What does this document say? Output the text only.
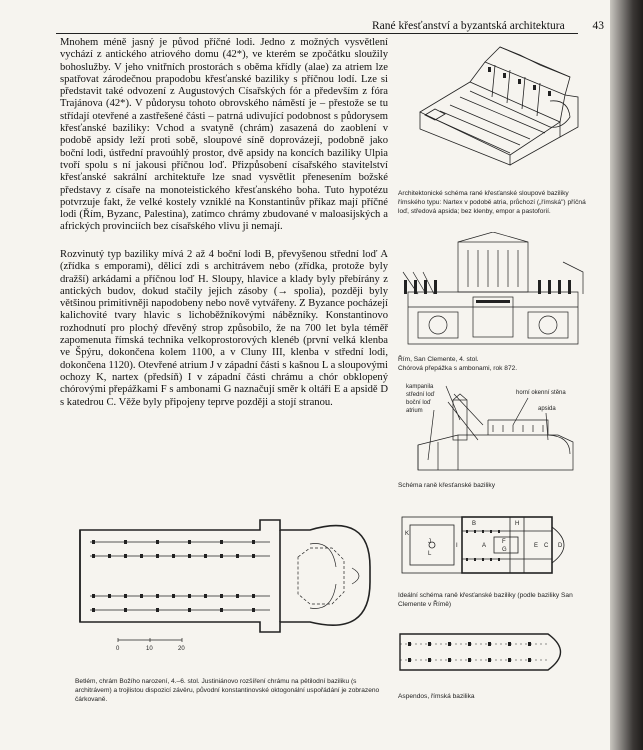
Rané křesťanství a byzantská architektura 43

Mnohem méně jasný je původ příčné lodi. Jedno z možných vysvětlení vychází z antického atriového domu (42*), ve kterém se zpočátku sloužily bohoslužby. V jeho vnitřních prostorách s oběma křídly (alae) za atriem lze spatřovat zárodečnou prapodobu křesťanské baziliky s příčnou lodí. Lze si představit také odvození z Augustových Císařských fór a především z fóra Trajánova (42*). V půdorysu tohoto obrovského náměstí je – přestože se tu střídají otevřené a zastřešené části – patrná udivující podobnost s půdorysem křesťanské baziliky: Vchod a svatyně (chrám) zasazená do zaoblení v podobě apsidy leží proti sobě, sloupové síně doprovázejí, podobně jako boční lodi, ústřední pravoúhlý prostor, dvě apsidy na koncích baziliky Ulpia tvoří spolu s ní jakousi příčnou loď. Přizpůsobení císařského stavitelství křesťanské sakrální architektuře lze snad vysvětlit přenesením božské představy z císaře na monoteistického křesťanského boha. Tuto hypotézu potvrzuje fakt, že velké kostely vzniklé na Konstantinův příkaz mají příčné lodi (Řím, Byzanc, Palestina), zatímco chrámy zbudované v maloasijských a afrických provinciích bez císařského vlivu ji nemají.

Rozvinutý typ baziliky mívá 2 až 4 boční lodi B, převyšenou střední loď A (zřídka s emporami), dělicí zdi s architrávem nebo (zřídka, protože byly dražší) arkádami a příčnou loď H. Sloupy, hlavice a klady byly přebírány z antických budov, dokud stačily jejich zásoby (→ spolia), později byly většinou primitivněji napodobeny nebo nově vytvářeny. Z Byzance pocházejí kalichovité tvary hlavic s lichoběžníkovými nábězníky. Konstantinovo rozhodnutí pro plochý dřevěný strop způsobilo, že na 700 let byla téměř zapomenuta římská technika velkoprostorových klenéb (první velká klenba ve Špýru, dokončena kolem 1100, a v Cluny III, klenba v střední lodi, dokončena 1120). Otevřené atrium J v západní části s kašnou L a sloupovými ochozy K, nartex (předsíň) I v západní části chrámu a chór obklopený chórovými přepážkami F s ambonami G naznačují směr k oltáři E a apsidě D s katedrou C. Věže byly připojeny teprve později a stojí stranou.

Architektonické schéma rané křesťanské sloupové baziliky římského typu: Nartex v podobě atria, průchozí („římská") příčná loď, středová apsida; bez klenby, empor a pastoforií.
Řím, San Clemente, 4. stol.
Chórová přepážka s ambonami, rok 872.
kampanila
střední loď
boční loď
atrium
horní okenní stěna
apsida
Schéma raně křesťanské baziliky
J
I
B
A	E	D
L
K
F
G
H
C
Ideální schéma raně křesťanské baziliky (podle baziliky San Clemente v Římě)
Aspendos, římská bazilika
0	10	20
Betlém, chrám Božího narození, 4.–6. stol. Justiniánovo rozšíření chrámu na pětilodní baziliku (s architrávem) a trojlistou dispozicí závěru, původní konstantinovské oktogonální uspořádání je zobrazeno čárkovaně.
